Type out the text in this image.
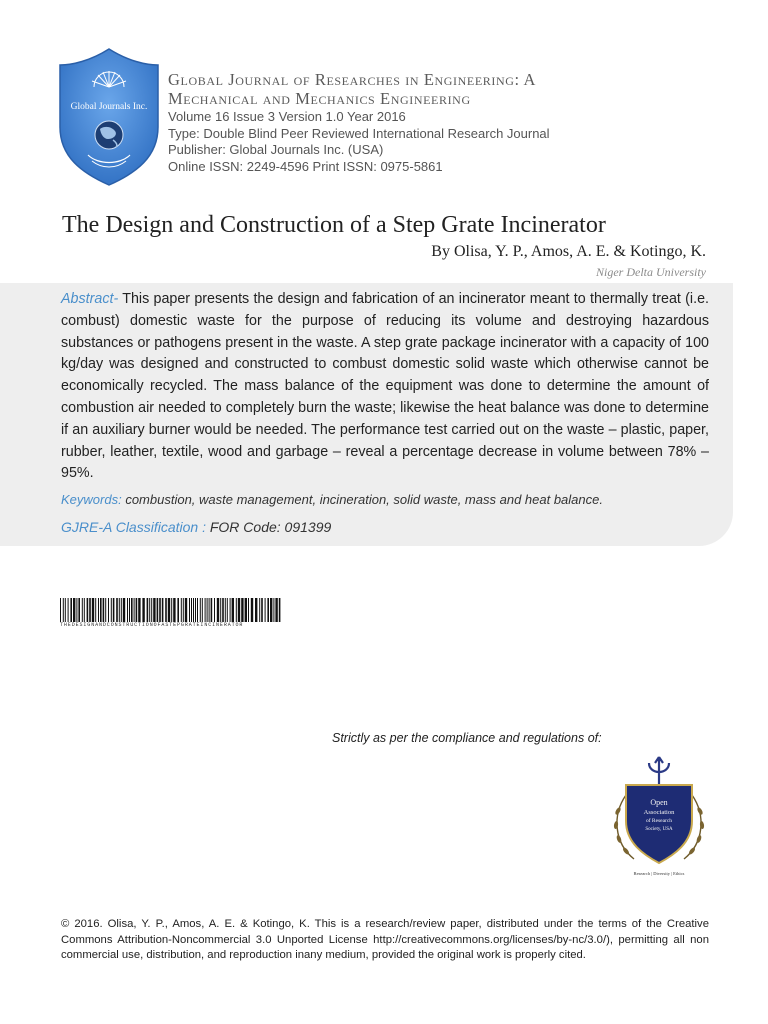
Global Journals Inc.
Global Journal of Researches in Engineering: A
Mechanical and Mechanics Engineering
Volume 16 Issue 3 Version 1.0 Year 2016
Type: Double Blind Peer Reviewed International Research Journal
Publisher: Global Journals Inc. (USA)
Online ISSN: 2249-4596 Print ISSN: 0975-5861
The Design and Construction of a Step Grate Incinerator
By Olisa, Y. P., Amos, A. E. & Kotingo, K.
Niger Delta University
Abstract- This paper presents the design and fabrication of an incinerator meant to thermally treat (i.e. combust) domestic waste for the purpose of reducing its volume and destroying hazardous substances or pathogens present in the waste. A step grate package incinerator with a capacity of 100 kg/day was designed and constructed to combust domestic solid waste which otherwise cannot be economically recycled. The mass balance of the equipment was done to determine the amount of combustion air needed to completely burn the waste; likewise the heat balance was done to determine if an auxiliary burner would be needed. The performance test carried out on the waste – plastic, paper, rubber, leather, textile, wood and garbage – reveal a percentage decrease in volume between 78% – 95%.
Keywords: combustion, waste management, incineration, solid waste, mass and heat balance.
GJRE-A Classification : FOR Code: 091399
THEDESIGNANDCONSTRUCTIONOFASTEPGRATEINCINERATOR
Strictly as per the compliance and regulations of:
Open
Association
of Research
Society, USA
Research | Diversity | Ethics
© 2016. Olisa, Y. P., Amos, A. E. & Kotingo, K. This is a research/review paper, distributed under the terms of the Creative Commons Attribution-Noncommercial 3.0 Unported License http://creativecommons.org/licenses/by-nc/3.0/), permitting all non commercial use, distribution, and reproduction inany medium, provided the original work is properly cited.
